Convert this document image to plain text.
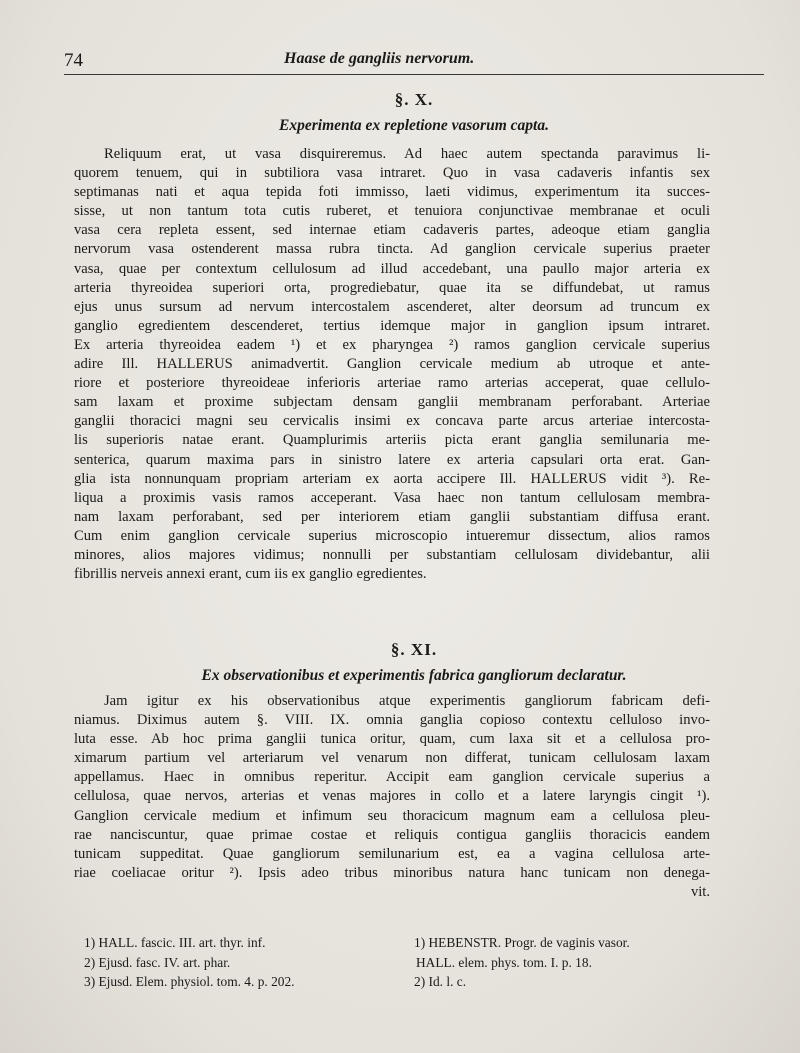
74	Haase de gangliis nervorum.
§. X.
Experimenta ex repletione vasorum capta.

Reliquum erat, ut vasa disquireremus. Ad haec autem spectanda paravimus li-
quorem tenuem, qui in subtiliora vasa intraret. Quo in vasa cadaveris infantis sex
septimanas nati et aqua tepida foti immisso, laeti vidimus, experimentum ita succes-
sisse, ut non tantum tota cutis ruberet, et tenuiora conjunctivae membranae et oculi
vasa cera repleta essent, sed internae etiam cadaveris partes, adeoque etiam ganglia
nervorum vasa ostenderent massa rubra tincta. Ad ganglion cervicale superius praeter
vasa, quae per contextum cellulosum ad illud accedebant, una paullo major arteria ex
arteria thyreoidea superiori orta, progrediebatur, quae ita se diffundebat, ut ramus
ejus unus sursum ad nervum intercostalem ascenderet, alter deorsum ad truncum ex
ganglio egredientem descenderet, tertius idemque major in ganglion ipsum intraret.
Ex arteria thyreoidea eadem ¹) et ex pharyngea ²) ramos ganglion cervicale superius
adire Ill. HALLERUS animadvertit. Ganglion cervicale medium ab utroque et ante-
riore et posteriore thyreoideae inferioris arteriae ramo arterias acceperat, quae cellulo-
sam laxam et proxime subjectam densam ganglii membranam perforabant. Arteriae
ganglii thoracici magni seu cervicalis insimi ex concava parte arcus arteriae intercosta-
lis superioris natae erant. Quamplurimis arteriis picta erant ganglia semilunaria me-
senterica, quarum maxima pars in sinistro latere ex arteria capsulari orta erat. Gan-
glia ista nonnunquam propriam arteriam ex aorta accipere Ill. HALLERUS vidit ³). Re-
liqua a proximis vasis ramos acceperant. Vasa haec non tantum cellulosam membra-
nam laxam perforabant, sed per interiorem etiam ganglii substantiam diffusa erant.
Cum enim ganglion cervicale superius microscopio intueremur dissectum, alios ramos
minores, alios majores vidimus; nonnulli per substantiam cellulosam dividebantur, alii
fibrillis nerveis annexi erant, cum iis ex ganglio egredientes.

§. XI.
Ex observationibus et experimentis fabrica gangliorum declaratur.

Jam igitur ex his observationibus atque experimentis gangliorum fabricam defi-
niamus. Diximus autem §. VIII. IX. omnia ganglia copioso contextu celluloso invo-
luta esse. Ab hoc prima ganglii tunica oritur, quam, cum laxa sit et a cellulosa pro-
ximarum partium vel arteriarum vel venarum non differat, tunicam cellulosam laxam
appellamus. Haec in omnibus reperitur. Accipit eam ganglion cervicale superius a
cellulosa, quae nervos, arterias et venas majores in collo et a latere laryngis cingit ¹).
Ganglion cervicale medium et infimum seu thoracicum magnum eam a cellulosa pleu-
rae nanciscuntur, quae primae costae et reliquis contigua gangliis thoracicis eandem
tunicam suppeditat. Quae gangliorum semilunarium est, ea a vagina cellulosa arte-
riae coeliacae oritur ²). Ipsis adeo tribus minoribus natura hanc tunicam non denega-
vit.

1) HALL. fascic. III. art. thyr. inf.
2) Ejusd. fasc. IV. art. phar.
3) Ejusd. Elem. physiol. tom. 4. p. 202.
1) HEBENSTR. Progr. de vaginis vasor.
HALL. elem. phys. tom. I. p. 18.
2) Id. l. c.
